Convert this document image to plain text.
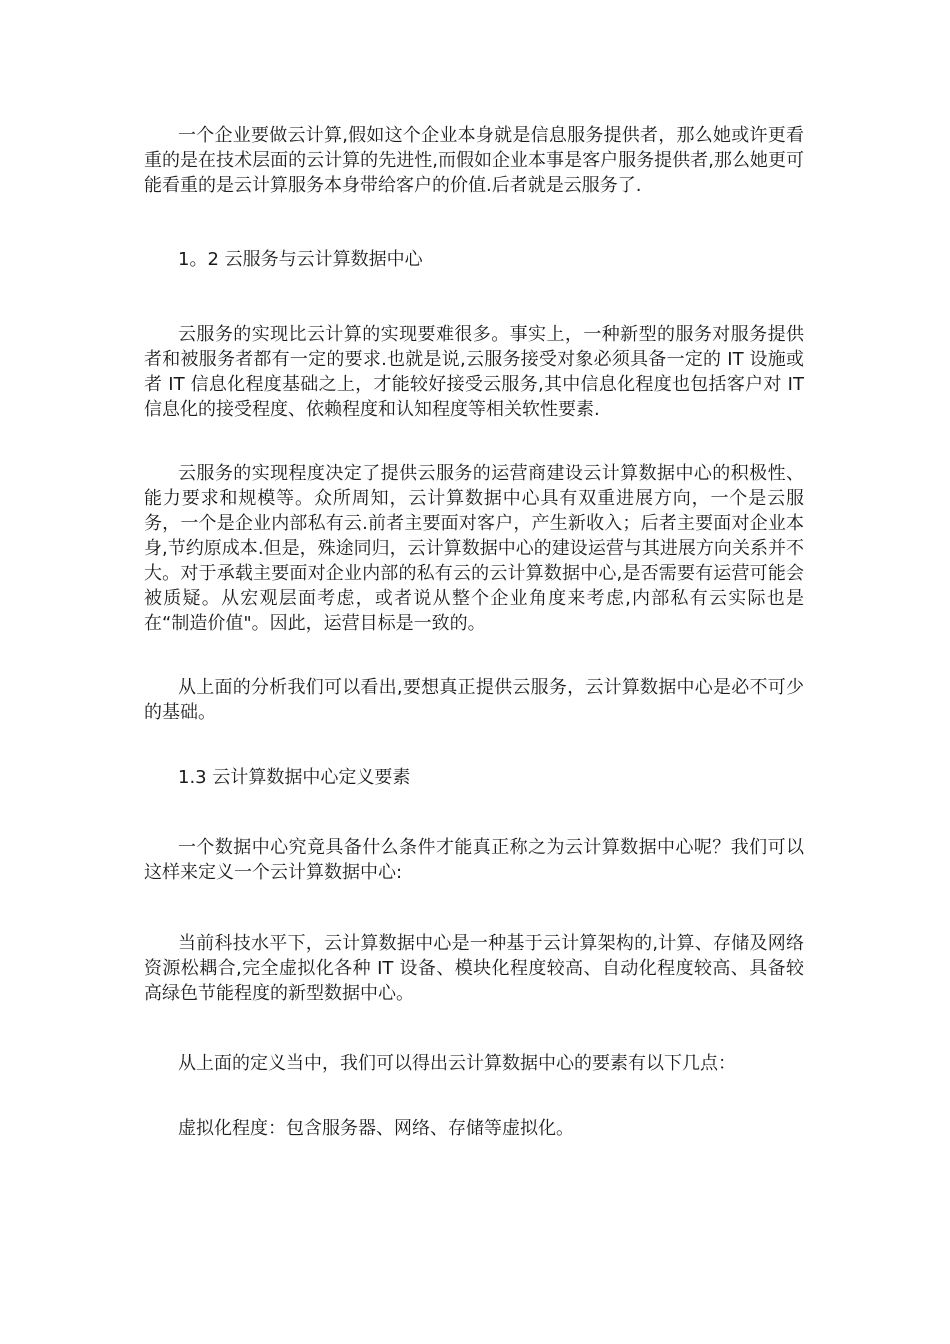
一个企业要做云计算,假如这个企业本身就是信息服务提供者，那么她或许更看重的是在技术层面的云计算的先进性,而假如企业本事是客户服务提供者,那么她更可能看重的是云计算服务本身带给客户的价值.后者就是云服务了.

1。2 云服务与云计算数据中心

云服务的实现比云计算的实现要难很多。事实上，一种新型的服务对服务提供者和被服务者都有一定的要求.也就是说,云服务接受对象必须具备一定的 IT 设施或者 IT 信息化程度基础之上，才能较好接受云服务,其中信息化程度也包括客户对 IT 信息化的接受程度、依赖程度和认知程度等相关软性要素.

云服务的实现程度决定了提供云服务的运营商建设云计算数据中心的积极性、能力要求和规模等。众所周知，云计算数据中心具有双重进展方向，一个是云服务，一个是企业内部私有云.前者主要面对客户，产生新收入；后者主要面对企业本身,节约原成本.但是，殊途同归，云计算数据中心的建设运营与其进展方向关系并不大。对于承载主要面对企业内部的私有云的云计算数据中心,是否需要有运营可能会被质疑。从宏观层面考虑，或者说从整个企业角度来考虑,内部私有云实际也是在“制造价值"。因此，运营目标是一致的。

从上面的分析我们可以看出,要想真正提供云服务，云计算数据中心是必不可少的基础。

1.3 云计算数据中心定义要素

一个数据中心究竟具备什么条件才能真正称之为云计算数据中心呢？我们可以这样来定义一个云计算数据中心:

当前科技水平下，云计算数据中心是一种基于云计算架构的,计算、存储及网络资源松耦合,完全虚拟化各种 IT 设备、模块化程度较高、自动化程度较高、具备较高绿色节能程度的新型数据中心。

从上面的定义当中，我们可以得出云计算数据中心的要素有以下几点：

虚拟化程度：包含服务器、网络、存储等虚拟化。
